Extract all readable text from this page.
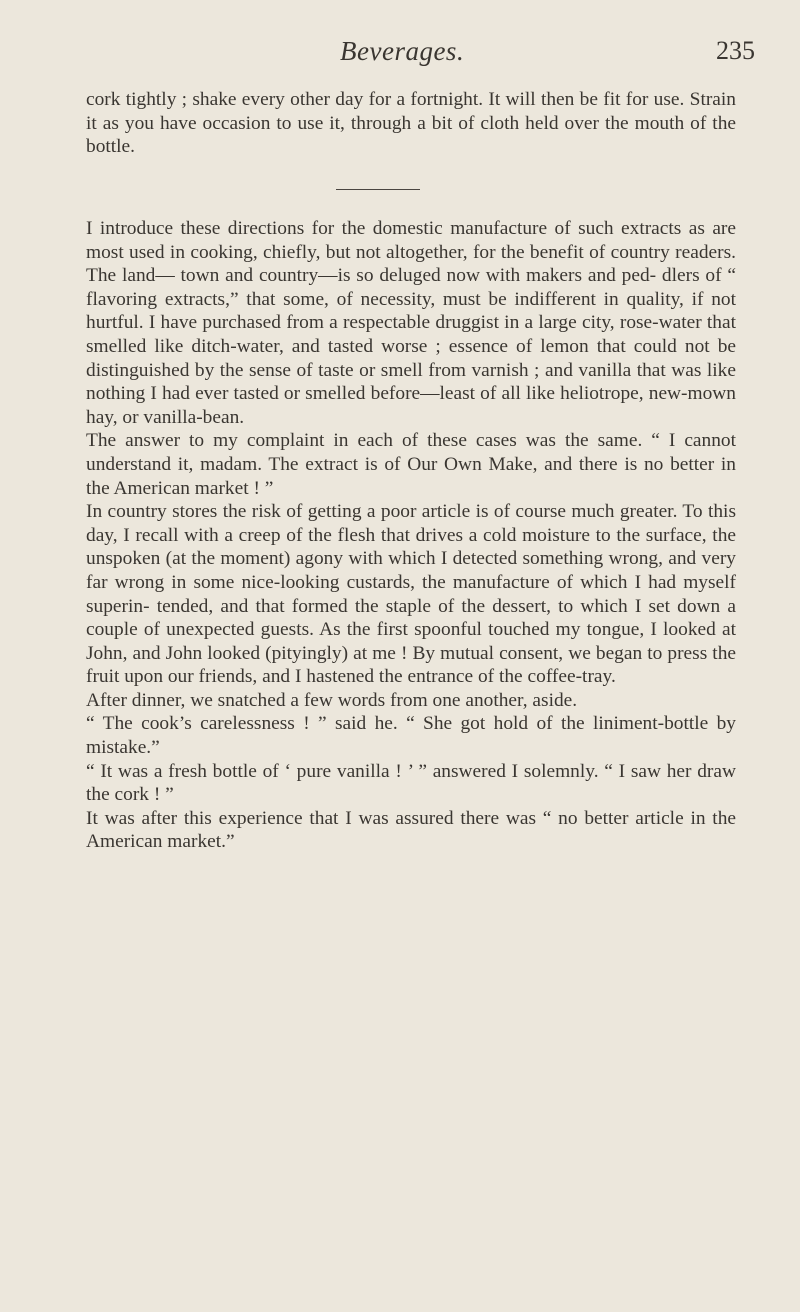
Beverages.	235

cork tightly ; shake every other day for a fortnight. It will then be fit for use. Strain it as you have occasion to use it, through a bit of cloth held over the mouth of the bottle.

I introduce these directions for the domestic manufacture of such extracts as are most used in cooking, chiefly, but not altogether, for the benefit of country readers. The land— town and country—is so deluged now with makers and ped- dlers of “ flavoring extracts,” that some, of necessity, must be indifferent in quality, if not hurtful. I have purchased from a respectable druggist in a large city, rose-water that smelled like ditch-water, and tasted worse ; essence of lemon that could not be distinguished by the sense of taste or smell from varnish ; and vanilla that was like nothing I had ever tasted or smelled before—least of all like heliotrope, new-mown hay, or vanilla-bean.

The answer to my complaint in each of these cases was the same. “ I cannot understand it, madam. The extract is of Our Own Make, and there is no better in the American market ! ”

In country stores the risk of getting a poor article is of course much greater. To this day, I recall with a creep of the flesh that drives a cold moisture to the surface, the unspoken (at the moment) agony with which I detected something wrong, and very far wrong in some nice-looking custards, the manufacture of which I had myself superin- tended, and that formed the staple of the dessert, to which I set down a couple of unexpected guests. As the first spoonful touched my tongue, I looked at John, and John looked (pityingly) at me ! By mutual consent, we began to press the fruit upon our friends, and I hastened the entrance of the coffee-tray.

After dinner, we snatched a few words from one another, aside.

“ The cook’s carelessness ! ” said he. “ She got hold of the liniment-bottle by mistake.”

“ It was a fresh bottle of ‘ pure vanilla ! ’ ” answered I solemnly. “ I saw her draw the cork ! ”

It was after this experience that I was assured there was “ no better article in the American market.”
